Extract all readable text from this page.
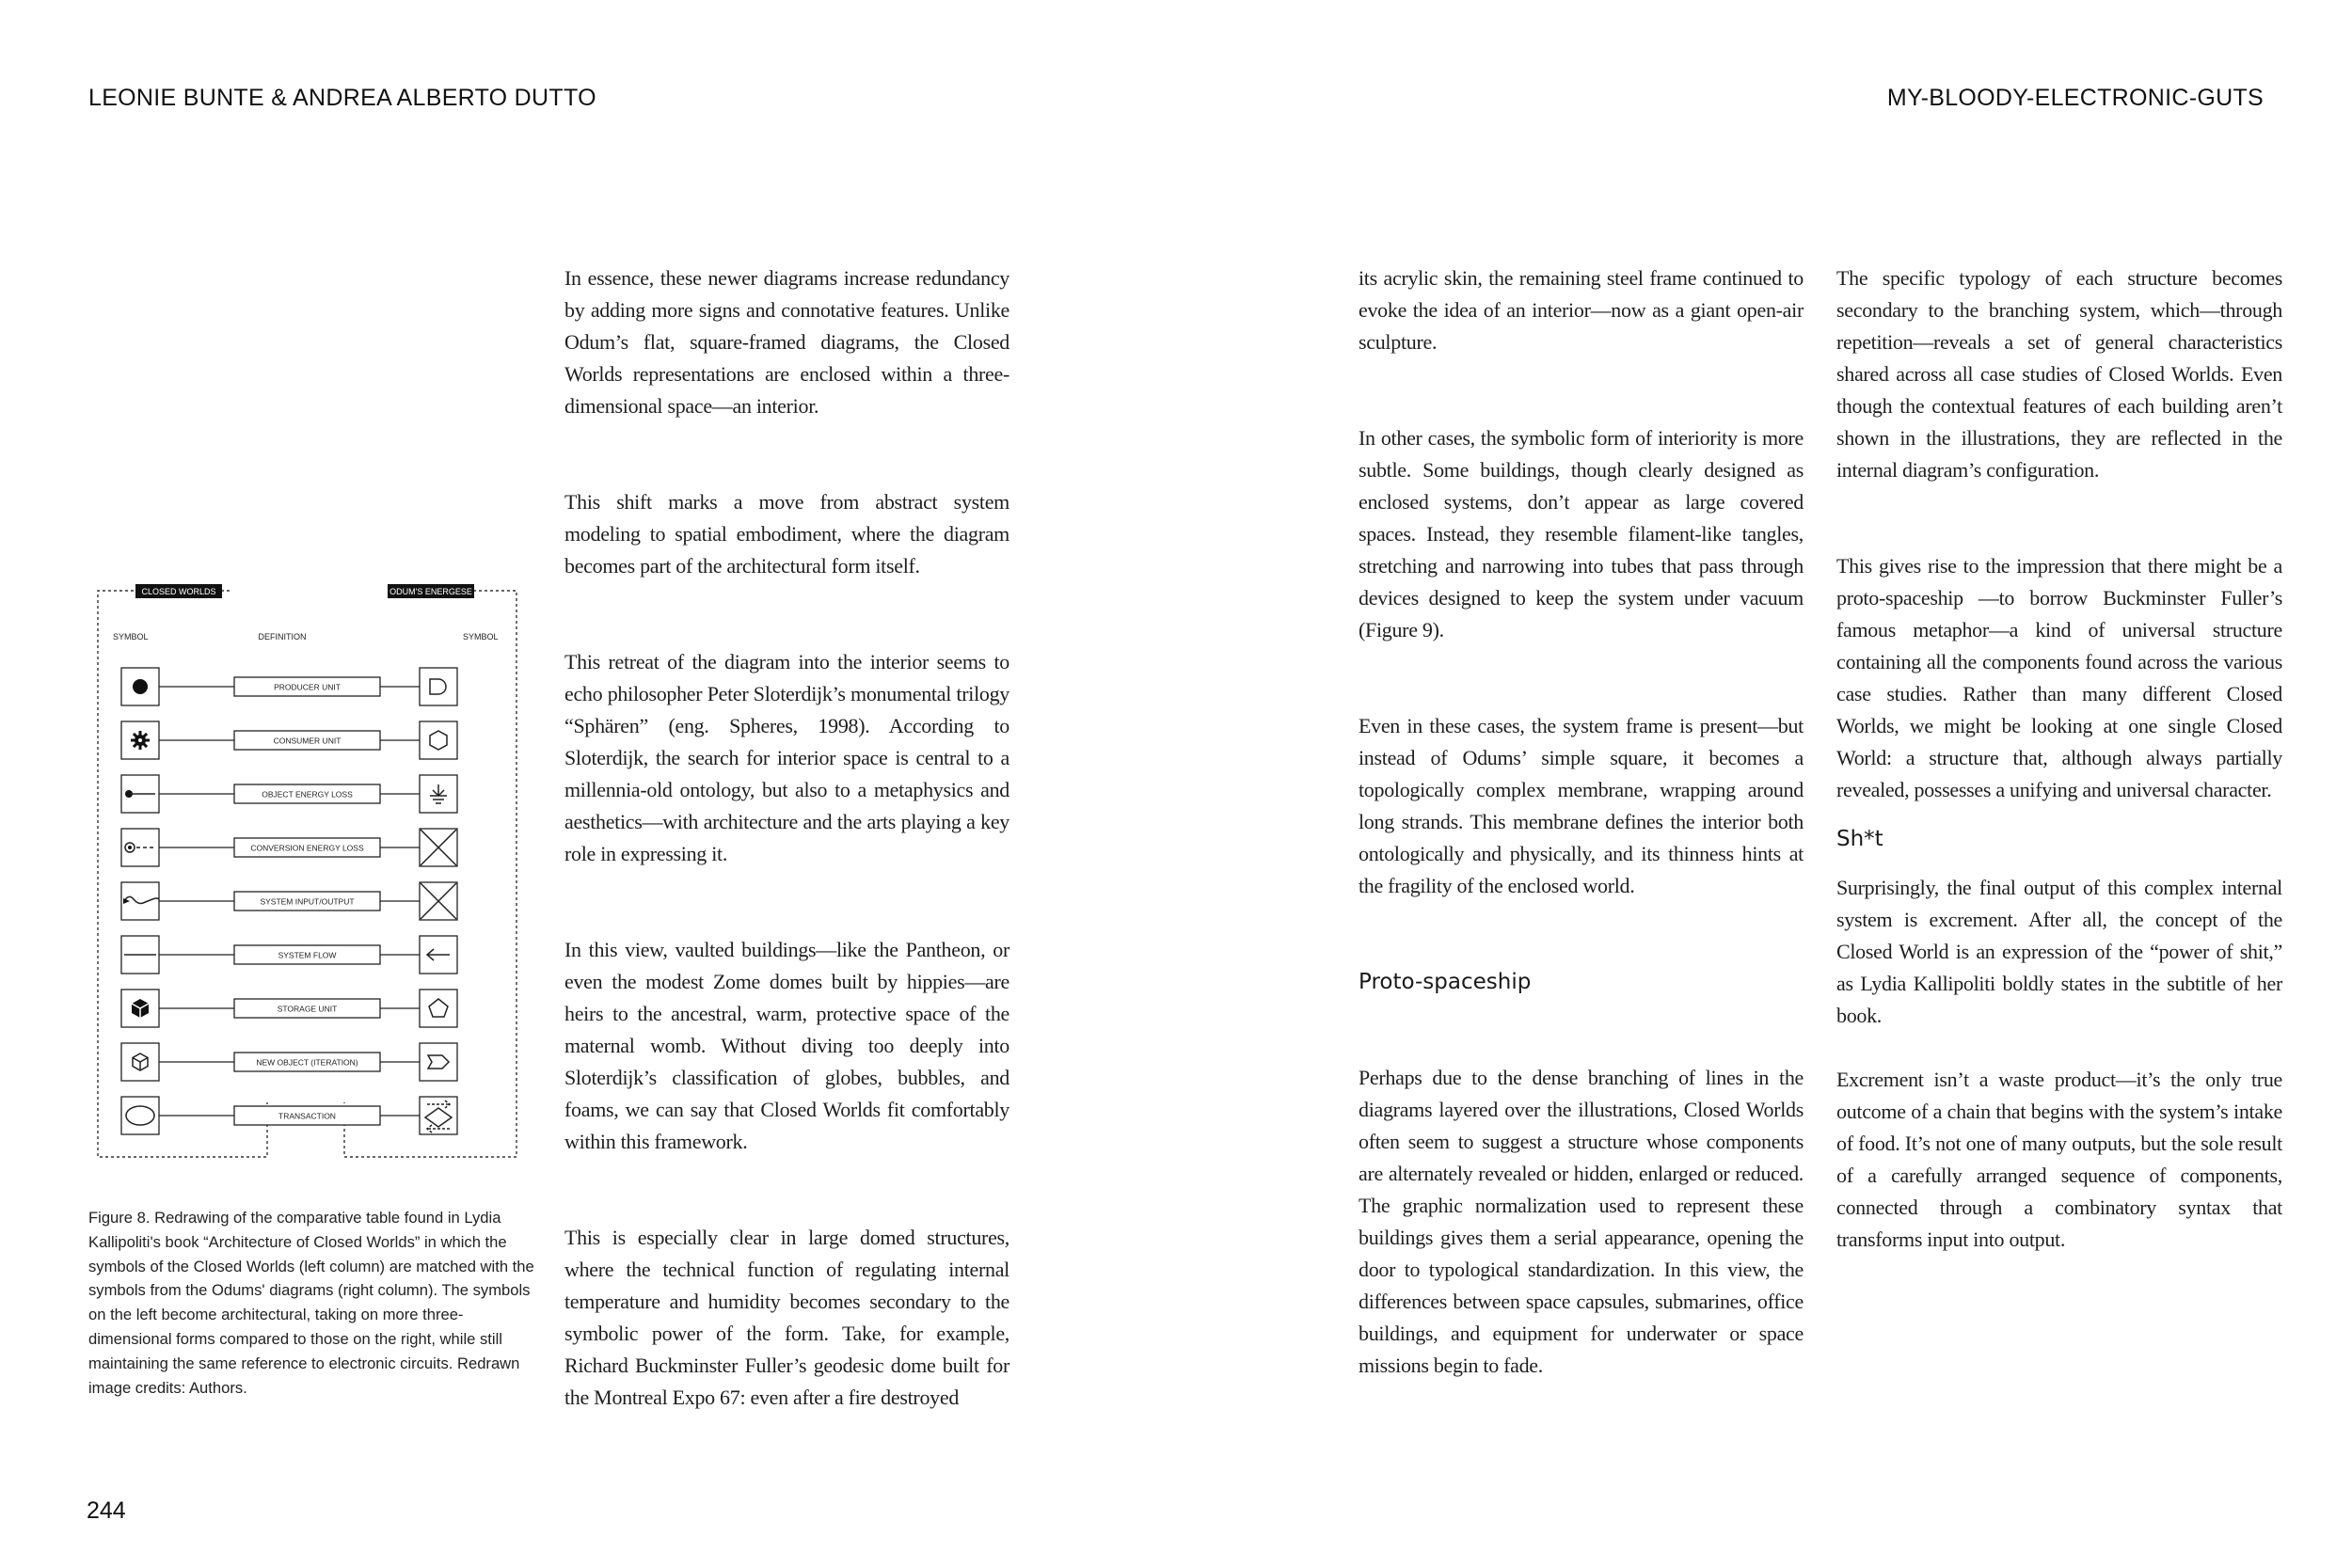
LEONIE BUNTE & ANDREA ALBERTO DUTTO	MY-BLOODY-ELECTRONIC-GUTS
CLOSED WORLDS	ODUM'S ENERGESE
SYMBOL	DEFINITION	SYMBOL
PRODUCER UNIT
CONSUMER UNIT
OBJECT ENERGY LOSS
CONVERSION ENERGY LOSS
SYSTEM INPUT/OUTPUT
SYSTEM FLOW
STORAGE UNIT
NEW OBJECT (ITERATION)
TRANSACTION
Figure 8. Redrawing of the comparative table found in Lydia Kallipoliti's book “Architecture of Closed Worlds” in which the symbols of the Closed Worlds (left column) are matched with the symbols from the Odums' diagrams (right column). The symbols on the left become architectural, taking on more three-dimensional forms compared to those on the right, while still maintaining the same reference to electronic circuits. Redrawn image credits: Authors.

In essence, these newer diagrams increase redundancy by adding more signs and connotative features. Unlike Odum’s flat, square-framed diagrams, the Closed Worlds representations are enclosed within a three-dimensional space—an interior.

This shift marks a move from abstract system modeling to spatial embodiment, where the diagram becomes part of the architectural form itself.

This retreat of the diagram into the interior seems to echo philosopher Peter Sloterdijk’s monumental trilogy “Sphären” (eng. Spheres, 1998). According to Sloterdijk, the search for interior space is central to a millennia-old ontology, but also to a metaphysics and aesthetics—with architecture and the arts playing a key role in expressing it.

In this view, vaulted buildings—like the Pantheon, or even the modest Zome domes built by hippies—are heirs to the ancestral, warm, protective space of the maternal womb. Without diving too deeply into Sloterdijk’s classification of globes, bubbles, and foams, we can say that Closed Worlds fit comfortably within this framework.

This is especially clear in large domed structures, where the technical function of regulating internal temperature and humidity becomes secondary to the symbolic power of the form. Take, for example, Richard Buckminster Fuller’s geodesic dome built for the Montreal Expo 67: even after a fire destroyed

its acrylic skin, the remaining steel frame continued to evoke the idea of an interior—now as a giant open-air sculpture.

In other cases, the symbolic form of interiority is more subtle. Some buildings, though clearly designed as enclosed systems, don’t appear as large covered spaces. Instead, they resemble filament-like tangles, stretching and narrowing into tubes that pass through devices designed to keep the system under vacuum (Figure 9).

Even in these cases, the system frame is present—but instead of Odums’ simple square, it becomes a topologically complex membrane, wrapping around long strands. This membrane defines the interior both ontologically and physically, and its thinness hints at the fragility of the enclosed world.

Proto-spaceship

Perhaps due to the dense branching of lines in the diagrams layered over the illustrations, Closed Worlds often seem to suggest a structure whose components are alternately revealed or hidden, enlarged or reduced. The graphic normalization used to represent these buildings gives them a serial appearance, opening the door to typological standardization. In this view, the differences between space capsules, submarines, office buildings, and equipment for underwater or space missions begin to fade.

The specific typology of each structure becomes secondary to the branching system, which—through repetition—reveals a set of general characteristics shared across all case studies of Closed Worlds. Even though the contextual features of each building aren’t shown in the illustrations, they are reflected in the internal diagram’s configuration.

This gives rise to the impression that there might be a proto-spaceship —to borrow Buckminster Fuller’s famous metaphor—a kind of universal structure containing all the components found across the various case studies. Rather than many different Closed Worlds, we might be looking at one single Closed World: a structure that, although always partially revealed, possesses a unifying and universal character.

Sh*t

Surprisingly, the final output of this complex internal system is excrement. After all, the concept of the Closed World is an expression of the “power of shit,” as Lydia Kallipoliti boldly states in the subtitle of her book.

Excrement isn’t a waste product—it’s the only true outcome of a chain that begins with the system’s intake of food. It’s not one of many outputs, but the sole result of a carefully arranged sequence of components, connected through a combinatory syntax that transforms input into output.

244
